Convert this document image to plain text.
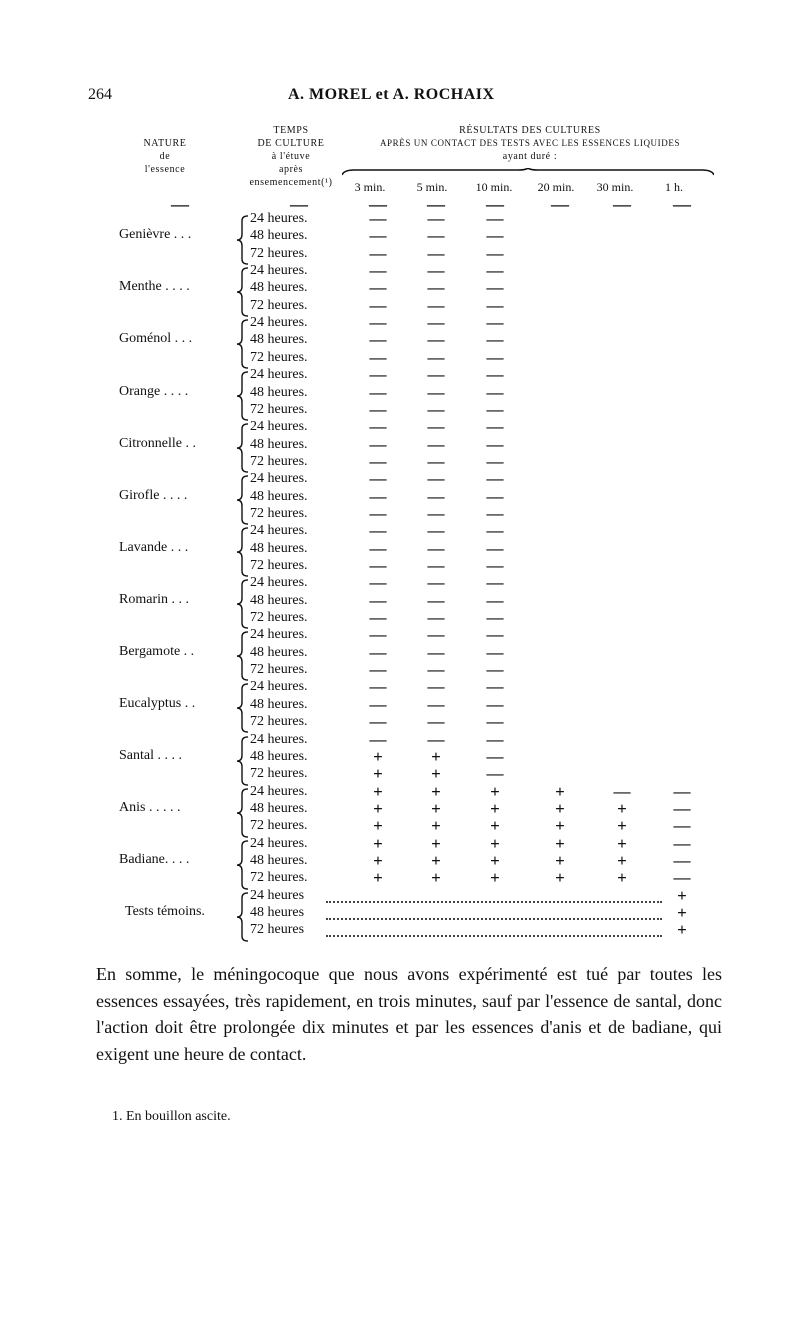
264	A. MOREL et A. ROCHAIX
NATURE
de
l'essence
TEMPS
DE CULTURE
à l'étuve
après
ensemencement(¹)
RÉSULTATS DES CULTURES
APRÈS UN CONTACT DES TESTS AVEC LES ESSENCES LIQUIDES
ayant duré :
3 min.	5 min.	10 min.	20 min.	30 min.	1 h.
—	—	— — —	— — —
Genièvre . . .
24 heures.	— — —
48 heures.	— — —
72 heures.	— — —
Menthe . . . .
24 heures.	— — —
48 heures.	— — —
72 heures.	— — —
Goménol . . .
24 heures.	— — —
48 heures.	— — —
72 heures.	— — —
Orange . . . .
24 heures.	— — —
48 heures.	— — —
72 heures.	— — —
Citronnelle . .
24 heures.	— — —
48 heures.	— — —
72 heures.	— — —
Girofle . . . .
24 heures.	— — —
48 heures.	— — —
72 heures.	— — —
Lavande . . .
24 heures.	— — —
48 heures.	— — —
72 heures.	— — —
Romarin . . .
24 heures.	— — —
48 heures.	— — —
72 heures.	— — —
Bergamote . .
24 heures.	— — —
48 heures.	— — —
72 heures.	— — —
Eucalyptus . .
24 heures.	— — —
48 heures.	— — —
72 heures.	— — —
Santal . . . .
24 heures.	— — —
48 heures.	+	+	—
72 heures.	+	+	—
Anis . . . . .
24 heures.	+	+	+	+	—	—
48 heures.	+	+	+	+	+	—
72 heures.	+	+	+	+	+	—
Badiane. . . .
24 heures.	+	+	+	+	+	—
48 heures.	+	+	+	+	+	—
72 heures.	+	+	+	+	+	—
Tests témoins.
24 heures	+
48 heures	+
72 heures	+
En somme, le méningocoque que nous avons expérimenté est tué par toutes les essences essayées, très rapidement, en trois minutes, sauf par l'essence de santal, donc l'action doit être prolongée dix minutes et par les essences d'anis et de badiane, qui exigent une heure de contact.
1. En bouillon ascite.
